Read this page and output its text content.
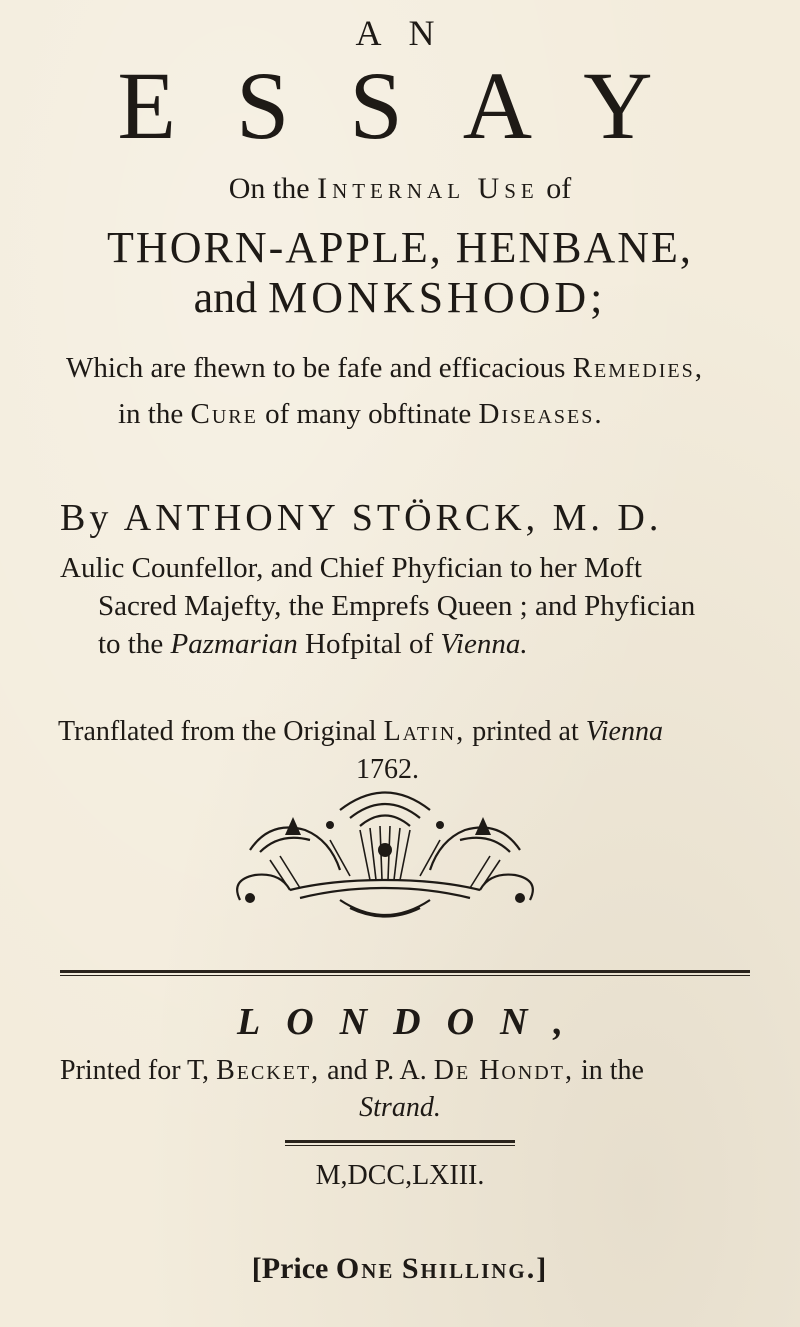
A N
ESSAY
On the Internal Use of
THORN-APPLE, HENBANE,
and MONKSHOOD;
Which are fhewn to be fafe and efficacious Remedies,
in the Cure of many obftinate Diseases.
By ANTHONY STÖRCK, M. D.
Aulic Counfellor, and Chief Phyfician to her Moft
Sacred Majefty, the Emprefs Queen ; and Phyfician
to the Pazmarian Hofpital of Vienna.
Tranflated from the Original Latin, printed at Vienna
1762.
LONDON,
Printed for T, Becket, and P. A. De Hondt, in the
Strand.
M,DCC,LXIII.
[Price One Shilling.]
